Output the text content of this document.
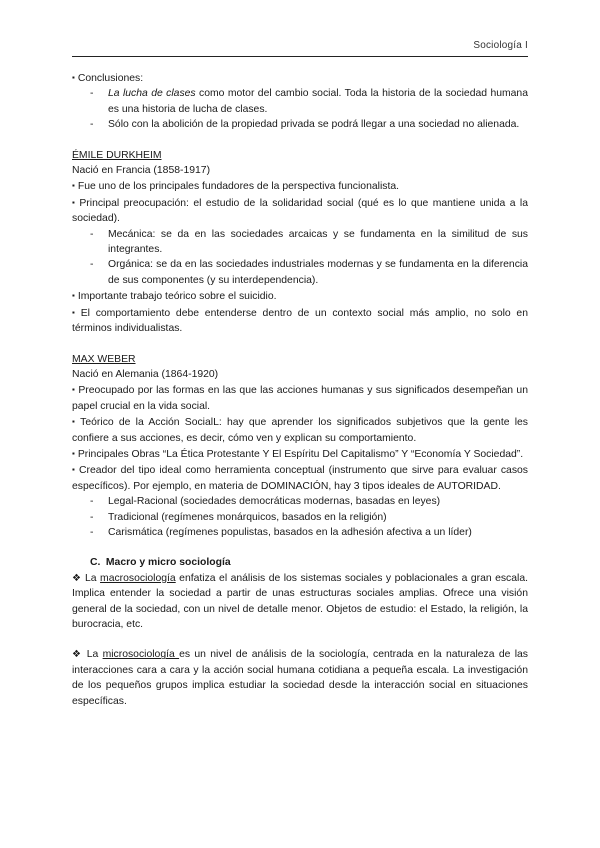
Sociología I

▪ Conclusiones:

- La lucha de clases como motor del cambio social. Toda la historia de la sociedad humana es una historia de lucha de clases.
- Sólo con la abolición de la propiedad privada se podrá llegar a una sociedad no alienada.

ÉMILE DURKHEIM

Nació en Francia (1858-1917)

▪ Fue uno de los principales fundadores de la perspectiva funcionalista.

▪ Principal preocupación: el estudio de la solidaridad social (qué es lo que mantiene unida a la sociedad).

- Mecánica: se da en las sociedades arcaicas y se fundamenta en la similitud de sus integrantes.
- Orgánica: se da en las sociedades industriales modernas y se fundamenta en la diferencia de sus componentes (y su interdependencia).

▪ Importante trabajo teórico sobre el suicidio.

▪ El comportamiento debe entenderse dentro de un contexto social más amplio, no solo en términos individualistas.

MAX WEBER

Nació en Alemania (1864-1920)

▪ Preocupado por las formas en las que las acciones humanas y sus significados desempeñan un papel crucial en la vida social.

▪ Teórico de la Acción SocialL: hay que aprender los significados subjetivos que la gente les confiere a sus acciones, es decir, cómo ven y explican su comportamiento.

▪ Principales Obras “La Ética Protestante Y El Espíritu Del Capitalismo” Y “Economía Y Sociedad”.

▪ Creador del tipo ideal como herramienta conceptual (instrumento que sirve para evaluar casos específicos). Por ejemplo, en materia de DOMINACIÓN, hay 3 tipos ideales de AUTORIDAD.

- Legal-Racional (sociedades democráticas modernas, basadas en leyes)
- Tradicional (regímenes monárquicos, basados en la religión)
- Carismática (regímenes populistas, basados en la adhesión afectiva a un líder)

C. Macro y micro sociología

❖ La macrosociología enfatiza el análisis de los sistemas sociales y poblacionales a gran escala. Implica entender la sociedad a partir de unas estructuras sociales amplias. Ofrece una visión general de la sociedad, con un nivel de detalle menor. Objetos de estudio: el Estado, la religión, la burocracia, etc.

❖ La microsociología es un nivel de análisis de la sociología, centrada en la naturaleza de las interacciones cara a cara y la acción social humana cotidiana a pequeña escala. La investigación de los pequeños grupos implica estudiar la sociedad desde la interacción social en situaciones específicas.
